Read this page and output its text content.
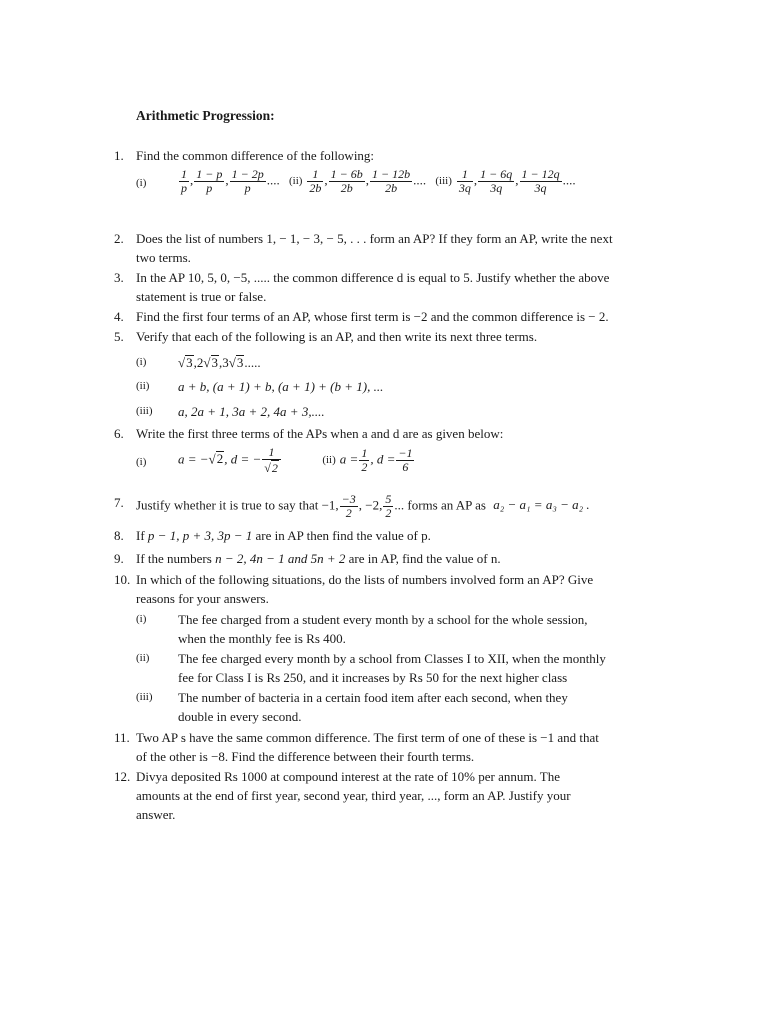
Arithmetic Progression:
1. Find the common difference of the following:
(i)	$\frac{1}{p}$ , $\frac{1 - p}{p}$ , $\frac{1 - 2p}{p}$ .... $(ii) \frac{1}{2b}$ , $\frac{1 - 6b}{2b}$ , $\frac{1 - 12b}{2b}$ .... $(iii) \frac{1}{3q}$ , $\frac{1 - 6q}{3q}$ , $\frac{1 - 12q}{3q}$ ....
2. Does the list of numbers 1, − 1, − 3, − 5, . . . form an AP? If they form an AP, write the next
two terms.
3. In the AP 10, 5, 0, −5, ..... the common difference d is equal to 5. Justify whether the above
statement is true or false.
4. Find the first four terms of an AP, whose first term is −2 and the common difference is − 2.
5. Verify that each of the following is an AP, and then write its next three terms.
(i)	√3,2√3,3√3.....
(ii)	a + b, (a + 1) + b, (a + 1) + (b + 1), ...
(iii)	a, 2a + 1, 3a + 2, 4a + 3,....
6. Write the first three terms of the APs when a and d are as given below:
(i)	a = −√2, d = − $\frac{1}{√2}$	(ii) $a = \frac{1}{2}$ , $d = \frac{-1}{6}$
7. Justify whether it is true to say that −1, $\frac{-3}{2}$ , −2, $\frac{5}{2}$ ... forms an AP as a₂ − a₁ = a₃ − a₂ .
8. If p − 1, p + 3, 3p − 1 are in AP then find the value of p.
9. If the numbers n − 2, 4n − 1 and 5n + 2 are in AP, find the value of n.
10. In which of the following situations, do the lists of numbers involved form an AP? Give
reasons for your answers.
(i)	The fee charged from a student every month by a school for the whole session,
when the monthly fee is Rs 400.
(ii)	The fee charged every month by a school from Classes I to XII, when the monthly
fee for Class I is Rs 250, and it increases by Rs 50 for the next higher class
(iii)	The number of bacteria in a certain food item after each second, when they
double in every second.
11. Two AP s have the same common difference. The first term of one of these is −1 and that
of the other is −8. Find the difference between their fourth terms.
12. Divya deposited Rs 1000 at compound interest at the rate of 10% per annum. The
amounts at the end of first year, second year, third year, ..., form an AP. Justify your
answer.
